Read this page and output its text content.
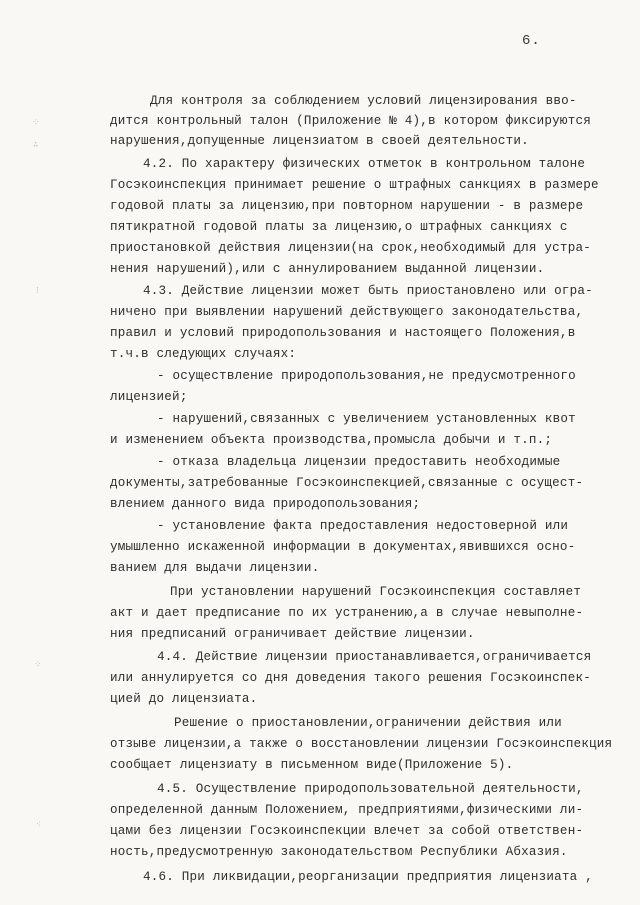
6.
⁘
∴
⁝
⁘
⁖
Для контроля за соблюдением условий лицензирования вво-
дится контрольный талон (Приложение № 4),в котором фиксируются
нарушения,допущенные лицензиатом в своей деятельности.
4.2. По характеру физических отметок в контрольном талоне
Госэкоинспекция принимает решение о штрафных санкциях в размере
годовой платы за лицензию,при повторном нарушении - в размере
пятикратной годовой платы за лицензию,о штрафных санкциях с
приостановкой действия лицензии(на срок,необходимый для устра-
нения нарушений),или с аннулированием выданной лицензии.
4.3. Действие лицензии может быть приостановлено или огра-
ничено при выявлении нарушений действующего законодательства,
правил и условий природопользования и настоящего Положения,в
т.ч.в следующих случаях:
- осуществление природопользования,не предусмотренного
лицензией;
- нарушений,связанных с увеличением установленных квот
и изменением объекта производства,промысла добычи и т.п.;
- отказа владельца лицензии предоставить необходимые
документы,затребованные Госэкоинспекцией,связанные с осущест-
влением данного вида природопользования;
- установление факта предоставления недостоверной или
умышленно искаженной информации в документах,явившихся осно-
ванием для выдачи лицензии.
При установлении нарушений Госэкоинспекция составляет
акт и дает предписание по их устранению,а в случае невыполне-
ния предписаний ограничивает действие лицензии.
4.4. Действие лицензии приостанавливается,ограничивается
или аннулируется со дня доведения такого решения Госэкоинспек-
цией до лицензиата.
Решение о приостановлении,ограничении действия или
отзыве лицензии,а также о восстановлении лицензии Госэкоинспекция
сообщает лицензиату в письменном виде(Приложение 5).
4.5. Осуществление природопользовательной деятельности,
определенной данным Положением, предприятиями,физическими ли-
цами без лицензии Госэкоинспекции влечет за собой ответствен-
ность,предусмотренную законодательством Республики Абхазия.
4.6. При ликвидации,реорганизации предприятия лицензиата ,
